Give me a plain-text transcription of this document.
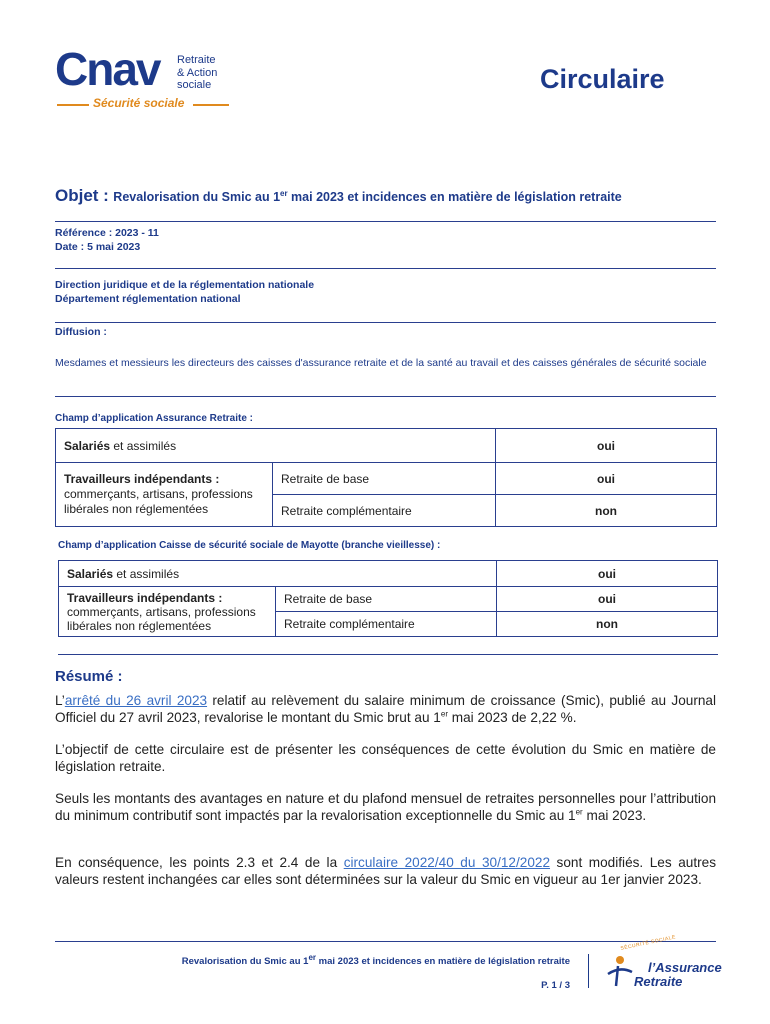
Cnav Retraite
& Action
sociale
Sécurité sociale
Circulaire
Objet : Revalorisation du Smic au 1er mai 2023 et incidences en matière de législation retraite
Référence : 2023 - 11
Date : 5 mai 2023
Direction juridique et de la réglementation nationale
Département réglementation national
Diffusion :
Mesdames et messieurs les directeurs des caisses d'assurance retraite et de la santé au travail et des caisses générales de sécurité sociale
Champ d’application Assurance Retraite :
Salariés et assimilés		oui
Travailleurs indépendants :
commerçants, artisans, professions libérales non réglementées	Retraite de base	oui
	Retraite complémentaire	non
Champ d’application Caisse de sécurité sociale de Mayotte (branche vieillesse) :
Salariés et assimilés		oui
Travailleurs indépendants :
commerçants, artisans, professions libérales non réglementées	Retraite de base	oui
	Retraite complémentaire	non
Résumé :

L’arrêté du 26 avril 2023 relatif au relèvement du salaire minimum de croissance (Smic), publié au Journal Officiel du 27 avril 2023, revalorise le montant du Smic brut au 1er mai 2023 de 2,22 %.

L’objectif de cette circulaire est de présenter les conséquences de cette évolution du Smic en matière de législation retraite.

Seuls les montants des avantages en nature et du plafond mensuel de retraites personnelles pour l’attribution du minimum contributif sont impactés par la revalorisation exceptionnelle du Smic au 1er mai 2023.

En conséquence, les points 2.3 et 2.4 de la circulaire 2022/40 du 30/12/2022 sont modifiés. Les autres valeurs restent inchangées car elles sont déterminées sur la valeur du Smic en vigueur au 1er janvier 2023.

Revalorisation du Smic au 1er mai 2023 et incidences en matière de législation retraite
P. 1 / 3
SÉCURITÉ SOCIALE
l’Assurance
Retraite
